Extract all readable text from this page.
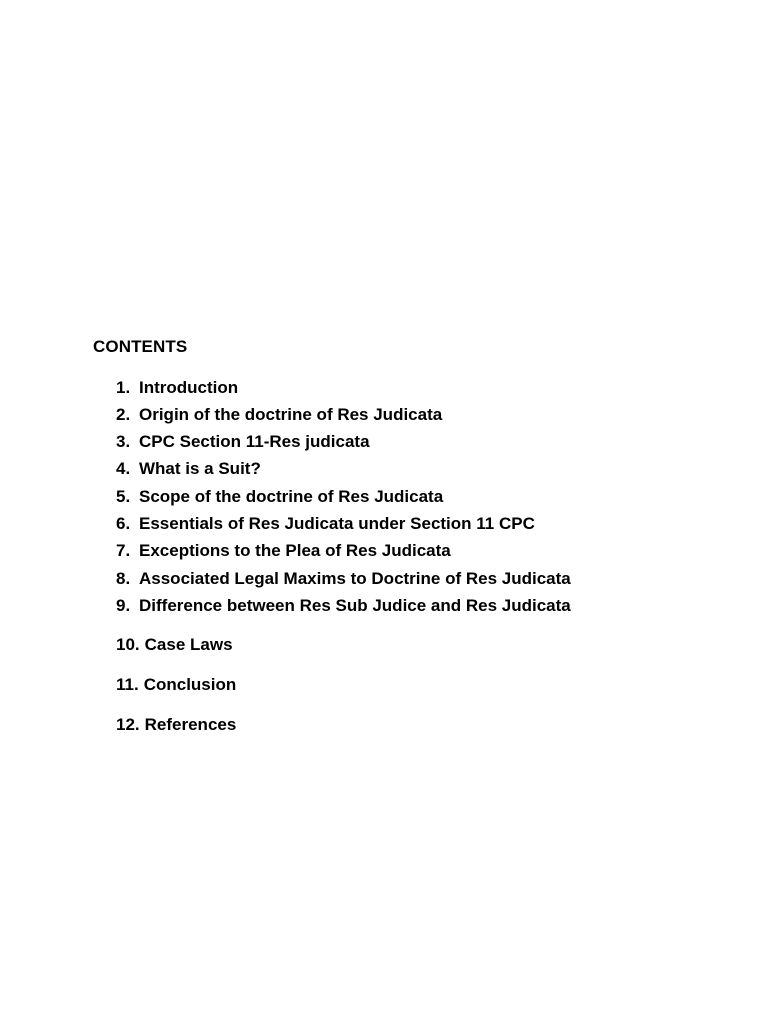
CONTENTS
1. Introduction
2. Origin of the doctrine of Res Judicata
3. CPC Section 11-Res judicata
4. What is a Suit?
5. Scope of the doctrine of Res Judicata
6. Essentials of Res Judicata under Section 11 CPC
7. Exceptions to the Plea of Res Judicata
8. Associated Legal Maxims to Doctrine of Res Judicata
9. Difference between Res Sub Judice and Res Judicata
10. Case Laws
11. Conclusion
12. References
